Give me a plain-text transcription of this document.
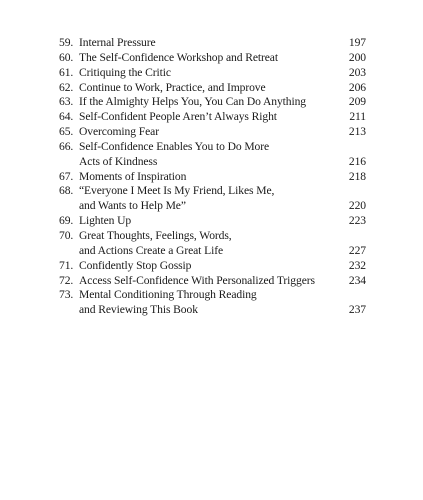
59. Internal Pressure	197
60. The Self-Confidence Workshop and Retreat	200
61. Critiquing the Critic	203
62. Continue to Work, Practice, and Improve	206
63. If the Almighty Helps You, You Can Do Anything	209
64. Self-Confident People Aren’t Always Right	211
65. Overcoming Fear	213
66. Self-Confidence Enables You to Do More
Acts of Kindness	216
67. Moments of Inspiration	218
68. “Everyone I Meet Is My Friend, Likes Me,
and Wants to Help Me”	220
69. Lighten Up	223
70. Great Thoughts, Feelings, Words,
and Actions Create a Great Life	227
71. Confidently Stop Gossip	232
72. Access Self-Confidence With Personalized Triggers	234
73. Mental Conditioning Through Reading
and Reviewing This Book	237
